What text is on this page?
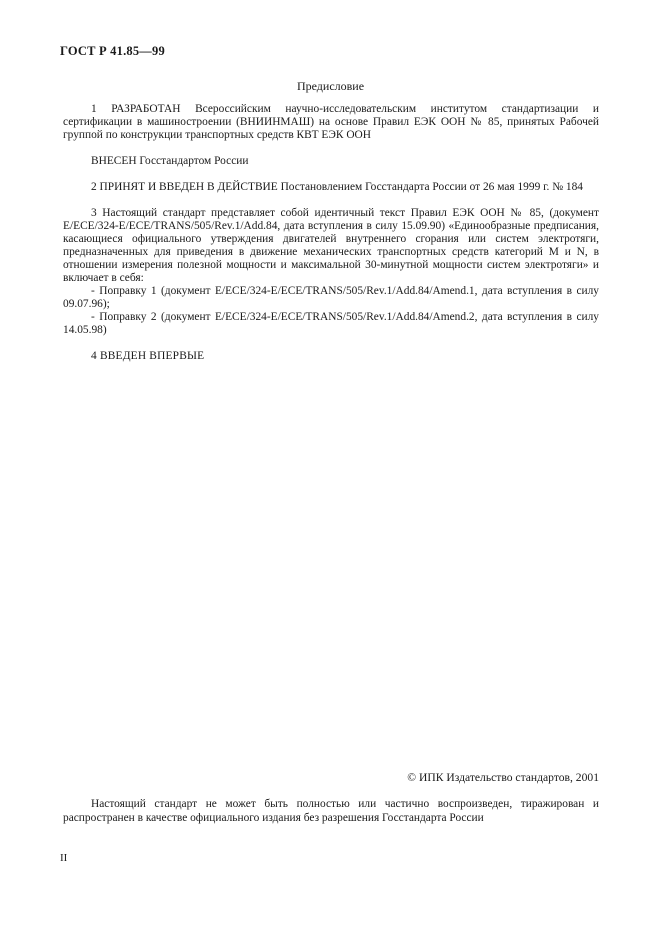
ГОСТ Р 41.85—99
Предисловие

1 РАЗРАБОТАН Всероссийским научно-исследовательским институтом стандартизации и сертификации в машиностроении (ВНИИНМАШ) на основе Правил ЕЭК ООН № 85, принятых Рабочей группой по конструкции транспортных средств КВТ ЕЭК ООН

ВНЕСЕН Госстандартом России

2 ПРИНЯТ И ВВЕДЕН В ДЕЙСТВИЕ Постановлением Госстандарта России от 26 мая 1999 г. № 184

3 Настоящий стандарт представляет собой идентичный текст Правил ЕЭК ООН № 85, (документ E/ECE/324-E/ECE/TRANS/505/Rev.1/Add.84, дата вступления в силу 15.09.90) «Единообразные предписания, касающиеся официального утверждения двигателей внутреннего сгорания или систем электротяги, предназначенных для приведения в движение механических транспортных средств категорий М и N, в отношении измерения полезной мощности и максимальной 30-минутной мощности систем электротяги» и включает в себя:

- Поправку 1 (документ E/ECE/324-E/ECE/TRANS/505/Rev.1/Add.84/Amend.1, дата вступления в силу 09.07.96);

- Поправку 2 (документ E/ECE/324-E/ECE/TRANS/505/Rev.1/Add.84/Amend.2, дата вступления в силу 14.05.98)

4 ВВЕДЕН ВПЕРВЫЕ

© ИПК Издательство стандартов, 2001

Настоящий стандарт не может быть полностью или частично воспроизведен, тиражирован и распространен в качестве официального издания без разрешения Госстандарта России

II
